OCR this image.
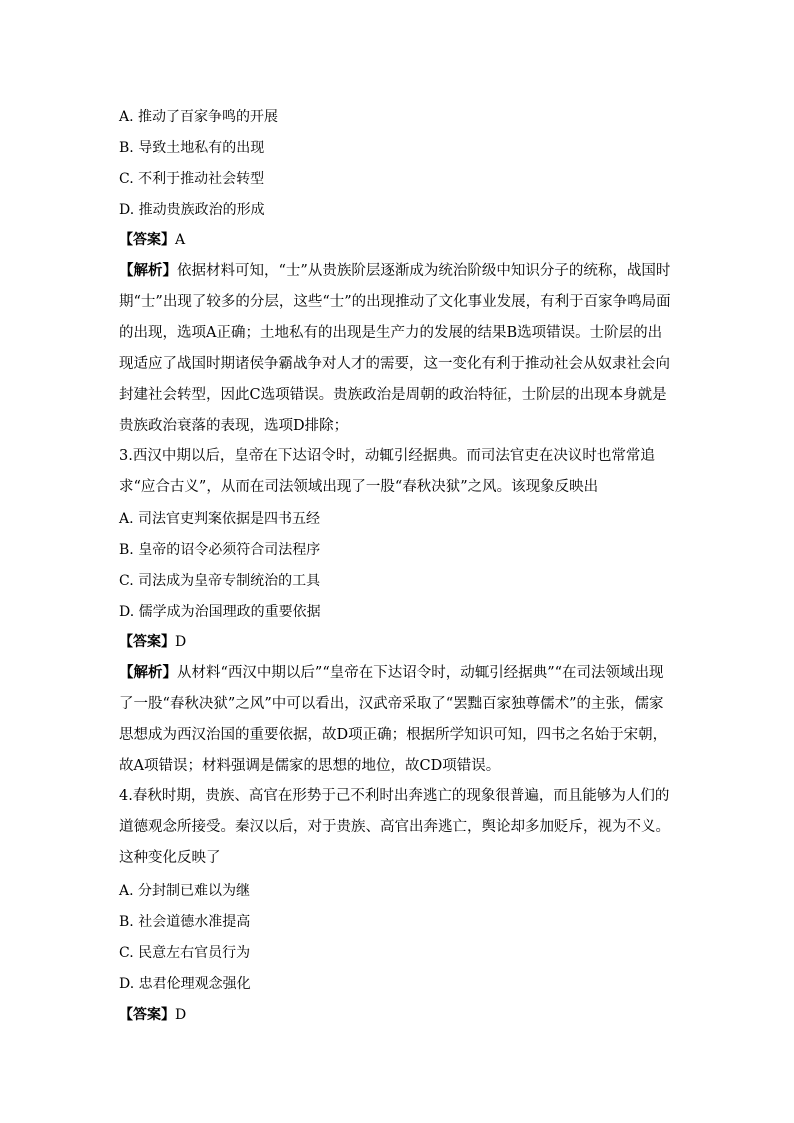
A. 推动了百家争鸣的开展
B. 导致土地私有的出现
C. 不利于推动社会转型
D. 推动贵族政治的形成
【答案】A
【解析】依据材料可知，“士”从贵族阶层逐渐成为统治阶级中知识分子的统称，战国时期“士”出现了较多的分层，这些“士”的出现推动了文化事业发展，有利于百家争鸣局面的出现，选项A正确；土地私有的出现是生产力的发展的结果B选项错误。士阶层的出现适应了战国时期诸侯争霸战争对人才的需要，这一变化有利于推动社会从奴隶社会向封建社会转型，因此C选项错误。贵族政治是周朝的政治特征，士阶层的出现本身就是贵族政治衰落的表现，选项D排除；
3.西汉中期以后，皇帝在下达诏令时，动辄引经据典。而司法官吏在决议时也常常追求“应合古义”，从而在司法领域出现了一股“春秋决狱”之风。该现象反映出
A. 司法官吏判案依据是四书五经
B. 皇帝的诏令必须符合司法程序
C. 司法成为皇帝专制统治的工具
D. 儒学成为治国理政的重要依据
【答案】D
【解析】从材料“西汉中期以后”“皇帝在下达诏令时，动辄引经据典”“在司法领域出现了一股“春秋决狱”之风”中可以看出，汉武帝采取了“罢黜百家独尊儒术”的主张，儒家思想成为西汉治国的重要依据，故D项正确；根据所学知识可知，四书之名始于宋朝，故A项错误；材料强调是儒家的思想的地位，故CD项错误。
4.春秋时期，贵族、高官在形势于己不利时出奔逃亡的现象很普遍，而且能够为人们的道德观念所接受。秦汉以后，对于贵族、高官出奔逃亡，舆论却多加贬斥，视为不义。这种变化反映了
A. 分封制已难以为继
B. 社会道德水准提高
C. 民意左右官员行为
D. 忠君伦理观念强化
【答案】D
